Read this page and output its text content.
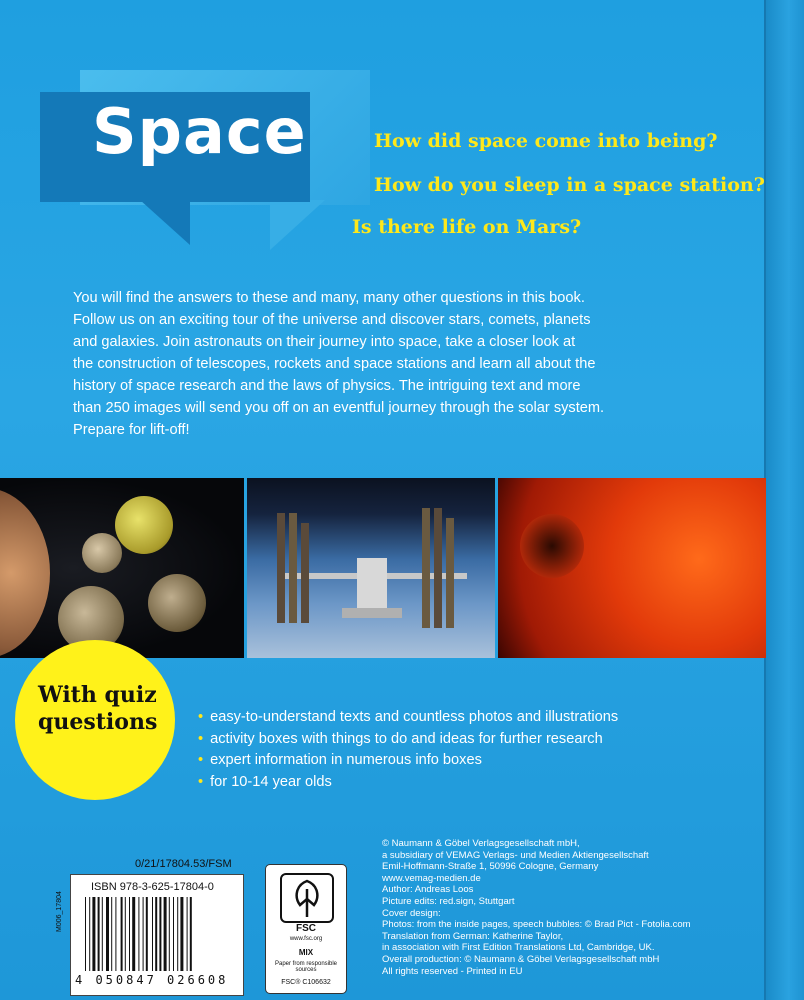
Space	How did space come into being?
How do you sleep in a space station?
Is there life on Mars?
You will find the answers to these and many, many other questions in this book.
Follow us on an exciting tour of the universe and discover stars, comets, planets
and galaxies. Join astronauts on their journey into space, take a closer look at
the construction of telescopes, rockets and space stations and learn all about the
history of space research and the laws of physics. The intriguing text and more
than 250 images will send you off on an eventful journey through the solar system.
Prepare for lift-off!
With quiz
questions	• easy-to-understand texts and countless photos and illustrations
• activity boxes with things to do and ideas for further research
• expert information in numerous info boxes
• for 10-14 year olds
0/21/17804.53/FSM
M006_17804
ISBN 978-3-625-17804-0
4 050847 026608
FSC
www.fsc.org
MIX
Paper from responsible sources
FSC® C106632
© Naumann & Göbel Verlagsgesellschaft mbH,
a subsidiary of VEMAG Verlags- und Medien Aktiengesellschaft
Emil-Hoffmann-Straße 1, 50996 Cologne, Germany
www.vemag-medien.de
Author: Andreas Loos
Picture edits: red.sign, Stuttgart
Cover design:
Photos: from the inside pages, speech bubbles: © Brad Pict - Fotolia.com
Translation from German: Katherine Taylor,
in association with First Edition Translations Ltd, Cambridge, UK.
Overall production: © Naumann & Göbel Verlagsgesellschaft mbH
All rights reserved - Printed in EU
